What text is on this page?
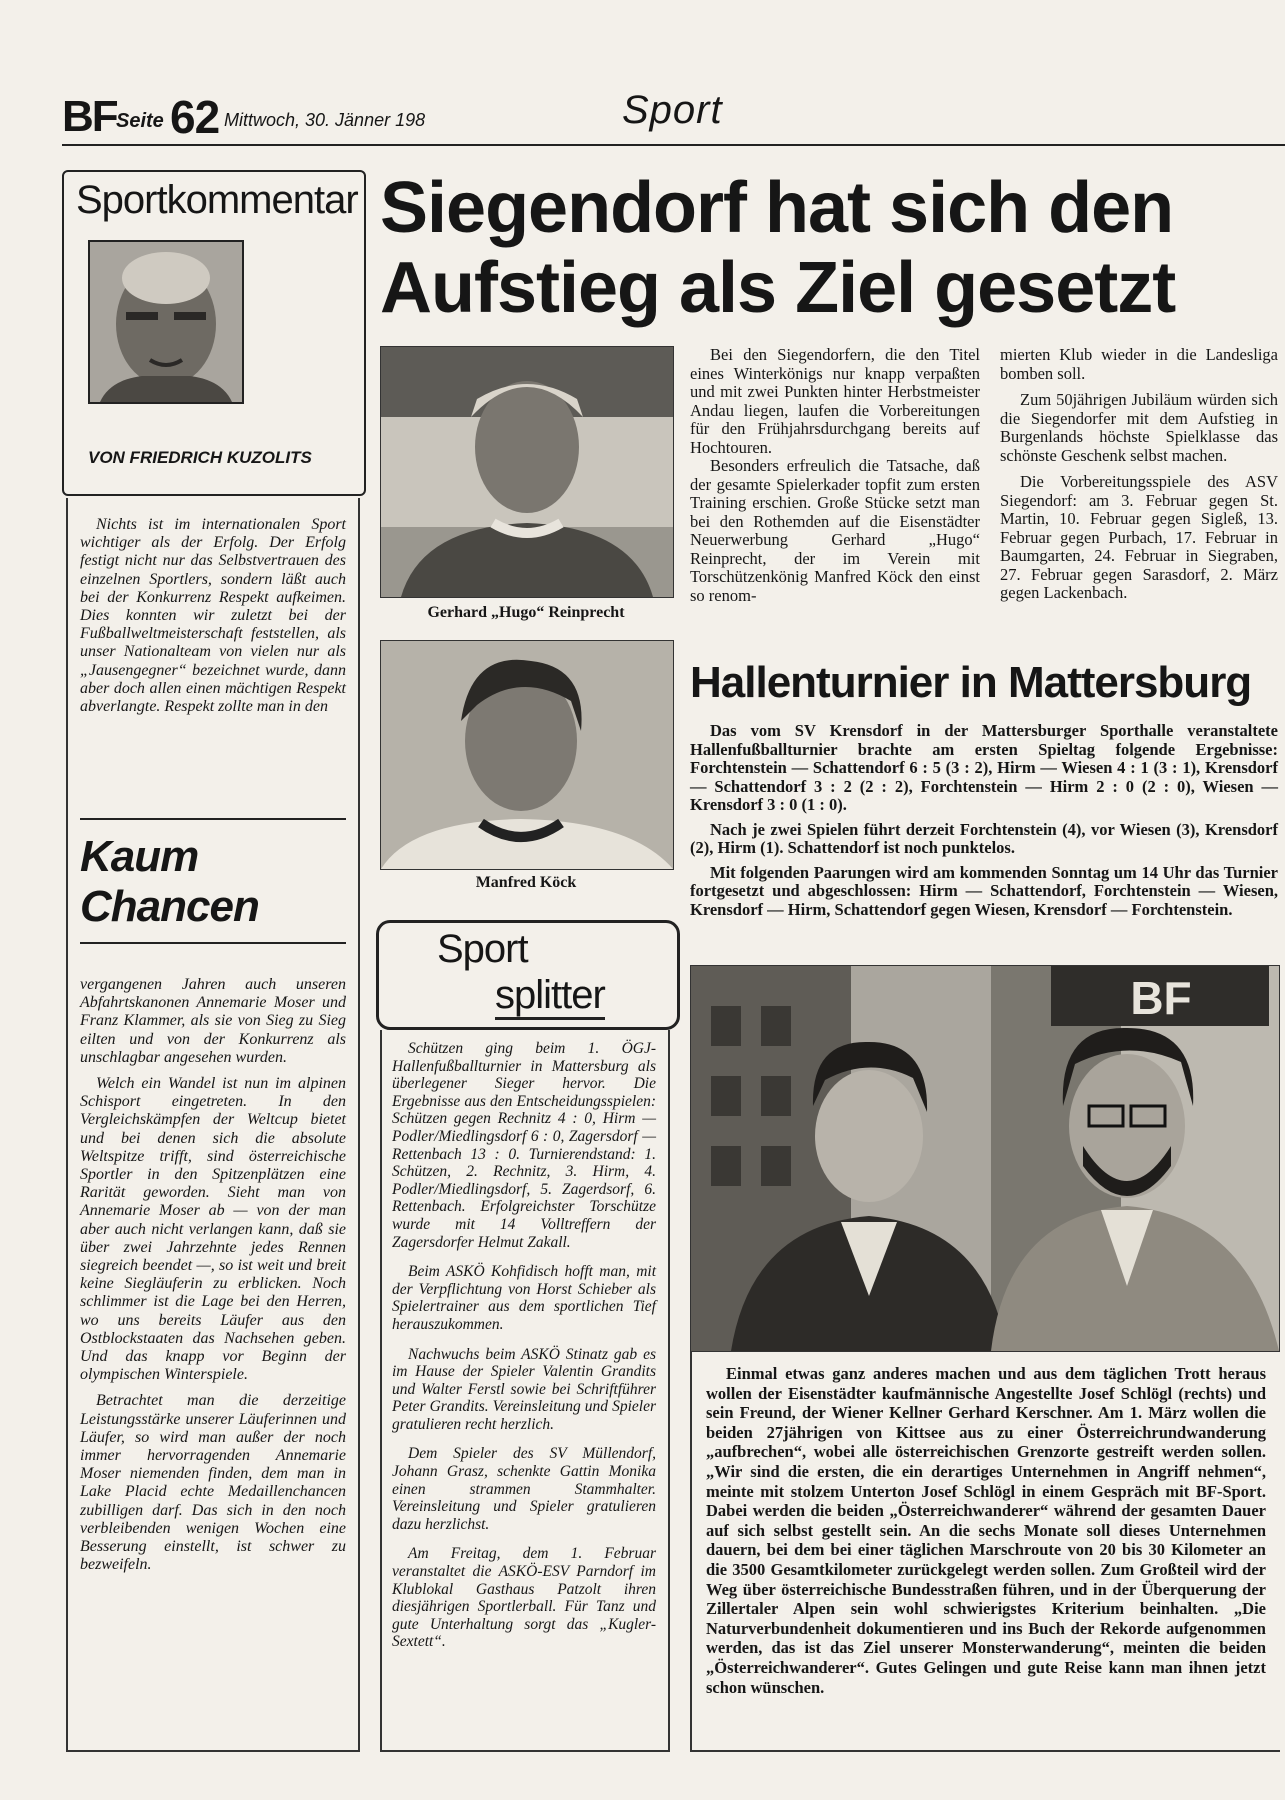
BF Seite 62 Mittwoch, 30. Jänner 198	Sport
Sportkommentar
VON FRIEDRICH KUZOLITS

Nichts ist im internationalen Sport wichtiger als der Erfolg. Der Erfolg festigt nicht nur das Selbstvertrauen des einzelnen Sportlers, sondern läßt auch bei der Konkurrenz Respekt aufkeimen. Dies konnten wir zuletzt bei der Fußballweltmeisterschaft feststellen, als unser Nationalteam von vielen nur als „Jausengegner“ bezeichnet wurde, dann aber doch allen einen mächtigen Respekt abverlangte. Respekt zollte man in den

Kaum Chancen

vergangenen Jahren auch unseren Abfahrtskanonen Annemarie Moser und Franz Klammer, als sie von Sieg zu Sieg eilten und von der Konkurrenz als unschlagbar angesehen wurden.

Welch ein Wandel ist nun im alpinen Schisport eingetreten. In den Vergleichskämpfen der Weltcup bietet und bei denen sich die absolute Weltspitze trifft, sind österreichische Sportler in den Spitzenplätzen eine Rarität geworden. Sieht man von Annemarie Moser ab — von der man aber auch nicht verlangen kann, daß sie über zwei Jahrzehnte jedes Rennen siegreich beendet —, so ist weit und breit keine Siegläuferin zu erblicken. Noch schlimmer ist die Lage bei den Herren, wo uns bereits Läufer aus den Ostblockstaaten das Nachsehen geben. Und das knapp vor Beginn der olympischen Winterspiele.

Betrachtet man die derzeitige Leistungsstärke unserer Läuferinnen und Läufer, so wird man außer der noch immer hervorragenden Annemarie Moser niemenden finden, dem man in Lake Placid echte Medaillenchancen zubilligen darf. Das sich in den noch verbleibenden wenigen Wochen eine Besserung einstellt, ist schwer zu bezweifeln.

Siegendorf hat sich den Aufstieg als Ziel gesetzt
Gerhard „Hugo“ Reinprecht
Manfred Köck

Bei den Siegendorfern, die den Titel eines Winterkönigs nur knapp verpaßten und mit zwei Punkten hinter Herbstmeister Andau liegen, laufen die Vorbereitungen für den Frühjahrsdurchgang bereits auf Hochtouren.

Besonders erfreulich die Tatsache, daß der gesamte Spielerkader topfit zum ersten Training erschien. Große Stücke setzt man bei den Rothemden auf die Eisenstädter Neuerwerbung Gerhard „Hugo“ Reinprecht, der im Verein mit Torschützenkönig Manfred Köck den einst so renom-

mierten Klub wieder in die Landesliga bomben soll.

Zum 50jährigen Jubiläum würden sich die Siegendorfer mit dem Aufstieg in Burgenlands höchste Spielklasse das schönste Geschenk selbst machen.

Die Vorbereitungsspiele des ASV Siegendorf: am 3. Februar gegen St. Martin, 10. Februar gegen Sigleß, 13. Februar gegen Purbach, 17. Februar in Baumgarten, 24. Februar in Siegraben, 27. Februar gegen Sarasdorf, 2. März gegen Lackenbach.

Hallenturnier in Mattersburg

Das vom SV Krensdorf in der Mattersburger Sporthalle veranstaltete Hallenfußballturnier brachte am ersten Spieltag folgende Ergebnisse: Forchtenstein — Schattendorf 6 : 5 (3 : 2), Hirm — Wiesen 4 : 1 (3 : 1), Krensdorf — Schattendorf 3 : 2 (2 : 2), Forchtenstein — Hirm 2 : 0 (2 : 0), Wiesen — Krensdorf 3 : 0 (1 : 0).

Nach je zwei Spielen führt derzeit Forchtenstein (4), vor Wiesen (3), Krensdorf (2), Hirm (1). Schattendorf ist noch punktelos.

Mit folgenden Paarungen wird am kommenden Sonntag um 14 Uhr das Turnier fortgesetzt und abgeschlossen: Hirm — Schattendorf, Forchtenstein — Wiesen, Krensdorf — Hirm, Schattendorf gegen Wiesen, Krensdorf — Forchtenstein.

Sport
splitter

Schützen ging beim 1. ÖGJ-Hallenfußballturnier in Mattersburg als überlegener Sieger hervor. Die Ergebnisse aus den Entscheidungsspielen: Schützen gegen Rechnitz 4 : 0, Hirm — Podler/Miedlingsdorf 6 : 0, Zagersdorf — Rettenbach 13 : 0. Turnierendstand: 1. Schützen, 2. Rechnitz, 3. Hirm, 4. Podler/Miedlingsdorf, 5. Zagerdsorf, 6. Rettenbach. Erfolgreichster Torschütze wurde mit 14 Volltreffern der Zagersdorfer Helmut Zakall.

Beim ASKÖ Kohfidisch hofft man, mit der Verpflichtung von Horst Schieber als Spielertrainer aus dem sportlichen Tief herauszukommen.

Nachwuchs beim ASKÖ Stinatz gab es im Hause der Spieler Valentin Grandits und Walter Ferstl sowie bei Schriftführer Peter Grandits. Vereinsleitung und Spieler gratulieren recht herzlich.

Dem Spieler des SV Müllendorf, Johann Grasz, schenkte Gattin Monika einen strammen Stammhalter. Vereinsleitung und Spieler gratulieren dazu herzlichst.

Am Freitag, dem 1. Februar veranstaltet die ASKÖ-ESV Parndorf im Klublokal Gasthaus Patzolt ihren diesjährigen Sportlerball. Für Tanz und gute Unterhaltung sorgt das „Kugler-Sextett“.

BF

Einmal etwas ganz anderes machen und aus dem täglichen Trott heraus wollen der Eisenstädter kaufmännische Angestellte Josef Schlögl (rechts) und sein Freund, der Wiener Kellner Gerhard Kerschner. Am 1. März wollen die beiden 27jährigen von Kittsee aus zu einer Österreichrundwanderung „aufbrechen“, wobei alle österreichischen Grenzorte gestreift werden sollen. „Wir sind die ersten, die ein derartiges Unternehmen in Angriff nehmen“, meinte mit stolzem Unterton Josef Schlögl in einem Gespräch mit BF-Sport. Dabei werden die beiden „Österreichwanderer“ während der gesamten Dauer auf sich selbst gestellt sein. An die sechs Monate soll dieses Unternehmen dauern, bei dem bei einer täglichen Marschroute von 20 bis 30 Kilometer an die 3500 Gesamtkilometer zurückgelegt werden sollen. Zum Großteil wird der Weg über österreichische Bundesstraßen führen, und in der Überquerung der Zillertaler Alpen sein wohl schwierigstes Kriterium beinhalten. „Die Naturverbundenheit dokumentieren und ins Buch der Rekorde aufgenommen werden, das ist das Ziel unserer Monsterwanderung“, meinten die beiden „Österreichwanderer“. Gutes Gelingen und gute Reise kann man ihnen jetzt schon wünschen.
